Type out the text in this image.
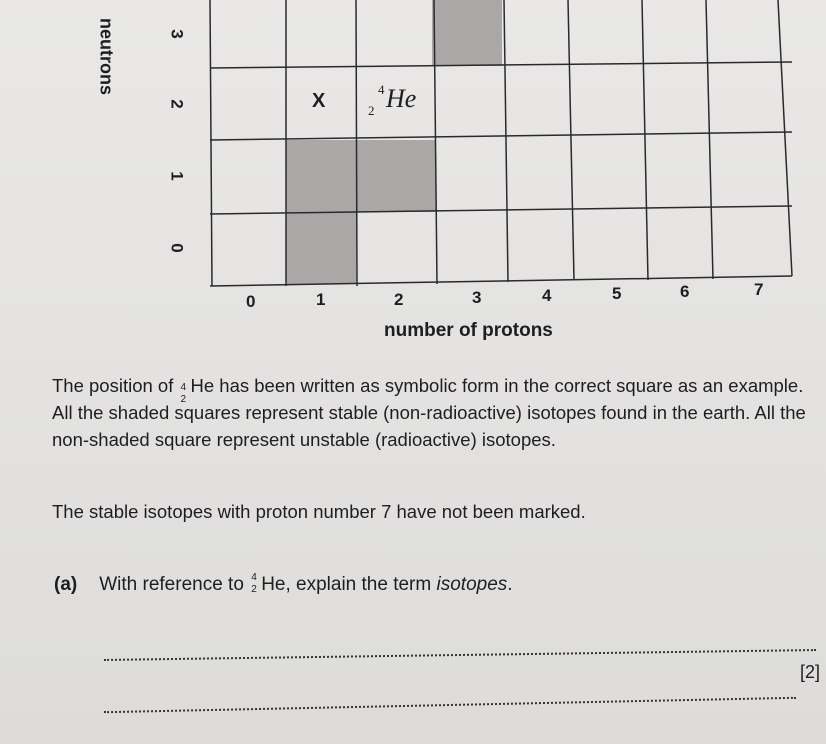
neutrons	3
2
1
0
X
4
2 He
0	1	2	3	4	5	6	7
number of protons
The position of 4
2
He has been written as symbolic form in the correct square as an example. All the shaded squares represent stable (non-radioactive) isotopes found in the earth. All the non-shaded square represent unstable (radioactive) isotopes.
The stable isotopes with proton number 7 have not been marked.
(a) With reference to 4
2 He, explain the term isotopes.
[2]
